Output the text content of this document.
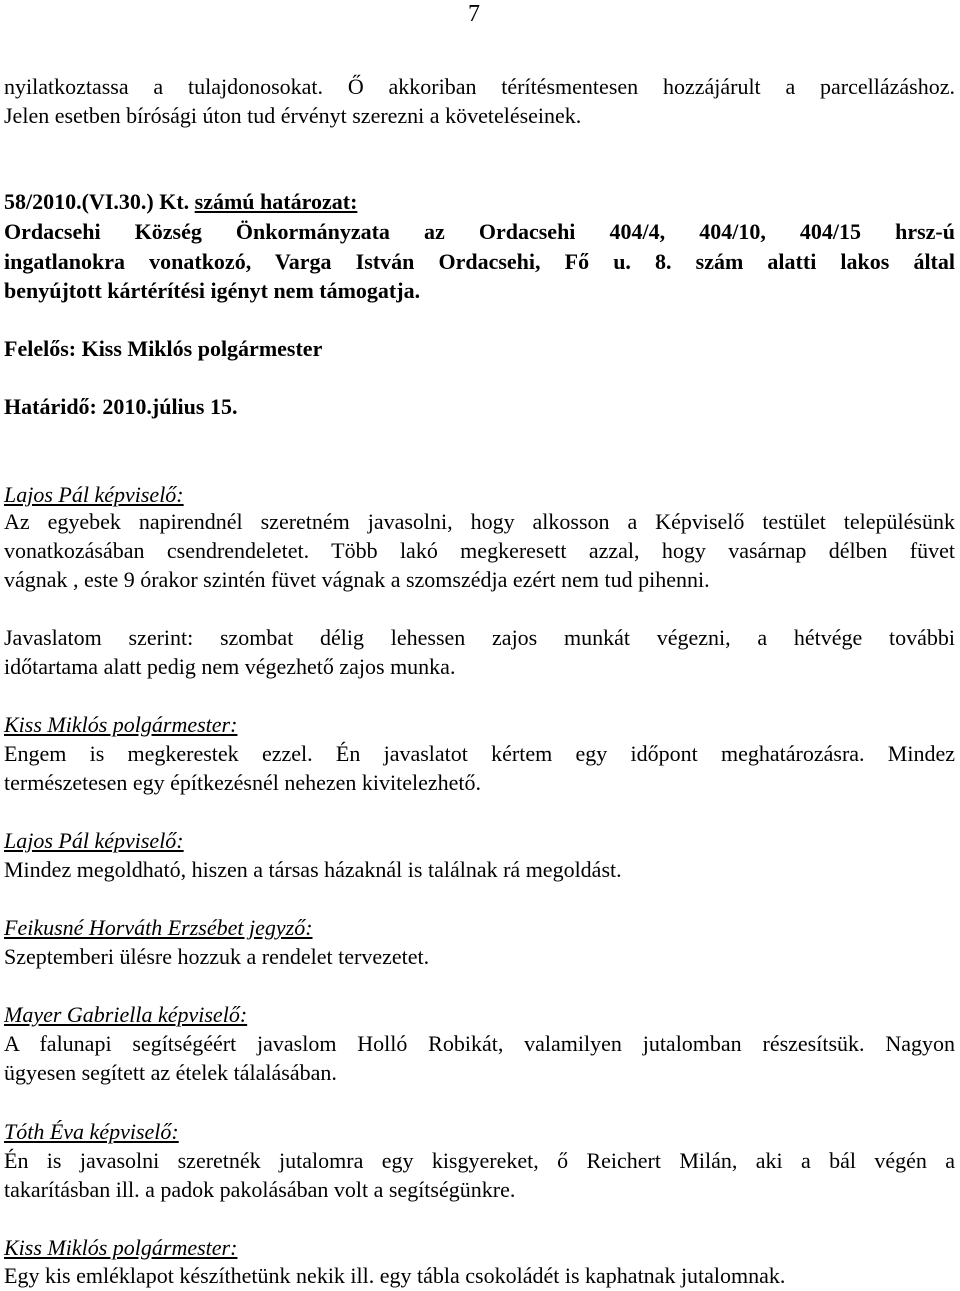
7
nyilatkoztassa a tulajdonosokat. Ő akkoriban térítésmentesen hozzájárult a parcellázáshoz.
Jelen esetben bírósági úton tud érvényt szerezni a követeléseinek.
58/2010.(VI.30.) Kt. számú határozat:
Ordacsehi Község Önkormányzata az Ordacsehi 404/4, 404/10, 404/15 hrsz-ú
ingatlanokra vonatkozó, Varga István Ordacsehi, Fő u. 8. szám alatti lakos által
benyújtott kártérítési igényt nem támogatja.
Felelős: Kiss Miklós polgármester
Határidő: 2010.július 15.
Lajos Pál képviselő:
Az egyebek napirendnél szeretném javasolni, hogy alkosson a Képviselő testület településünk
vonatkozásában csendrendeletet. Több lakó megkeresett azzal, hogy vasárnap délben füvet
vágnak , este 9 órakor szintén füvet vágnak a szomszédja ezért nem tud pihenni.
Javaslatom szerint: szombat délig lehessen zajos munkát végezni, a hétvége további
időtartama alatt pedig nem végezhető zajos munka.
Kiss Miklós polgármester:
Engem is megkerestek ezzel. Én javaslatot kértem egy időpont meghatározásra. Mindez
természetesen egy építkezésnél nehezen kivitelezhető.
Lajos Pál képviselő:
Mindez megoldható, hiszen a társas házaknál is találnak rá megoldást.
Feikusné Horváth Erzsébet jegyző:
Szeptemberi ülésre hozzuk a rendelet tervezetet.
Mayer Gabriella képviselő:
A falunapi segítségéért javaslom Holló Robikát, valamilyen jutalomban részesítsük. Nagyon
ügyesen segített az ételek tálalásában.
Tóth Éva képviselő:
Én is javasolni szeretnék jutalomra egy kisgyereket, ő Reichert Milán, aki a bál végén a
takarításban ill. a padok pakolásában volt a segítségünkre.
Kiss Miklós polgármester:
Egy kis emléklapot készíthetünk nekik ill. egy tábla csokoládét is kaphatnak jutalomnak.
